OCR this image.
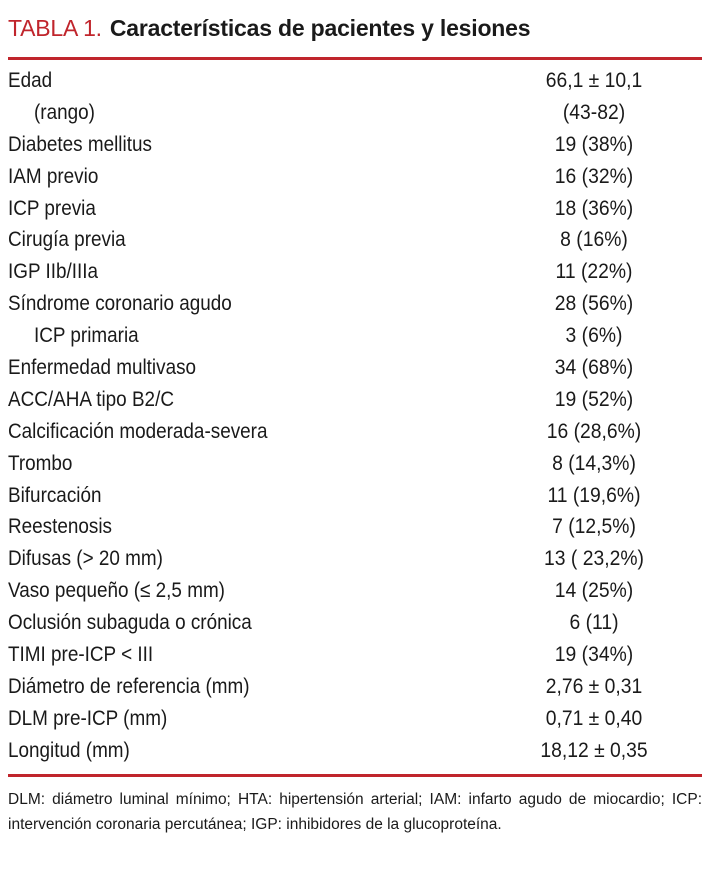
TABLA 1. Características de pacientes y lesiones
Edad	66,1 ± 10,1
(rango)	(43-82)
Diabetes mellitus	19 (38%)
IAM previo	16 (32%)
ICP previa	18 (36%)
Cirugía previa	8 (16%)
IGP IIb/IIIa	11 (22%)
Síndrome coronario agudo	28 (56%)
ICP primaria	3 (6%)
Enfermedad multivaso	34 (68%)
ACC/AHA tipo B2/C	19 (52%)
Calcificación moderada-severa	16 (28,6%)
Trombo	8 (14,3%)
Bifurcación	11 (19,6%)
Reestenosis	7 (12,5%)
Difusas (> 20 mm)	13 ( 23,2%)
Vaso pequeño (≤ 2,5 mm)	14 (25%)
Oclusión subaguda o crónica	6 (11)
TIMI pre-ICP < III	19 (34%)
Diámetro de referencia (mm)	2,76 ± 0,31
DLM pre-ICP (mm)	0,71 ± 0,40
Longitud (mm)	18,12 ± 0,35
DLM: diámetro luminal mínimo; HTA: hipertensión arterial; IAM: infarto agudo de miocardio; ICP: intervención coronaria percutánea; IGP: inhibidores de la glucoproteína.
